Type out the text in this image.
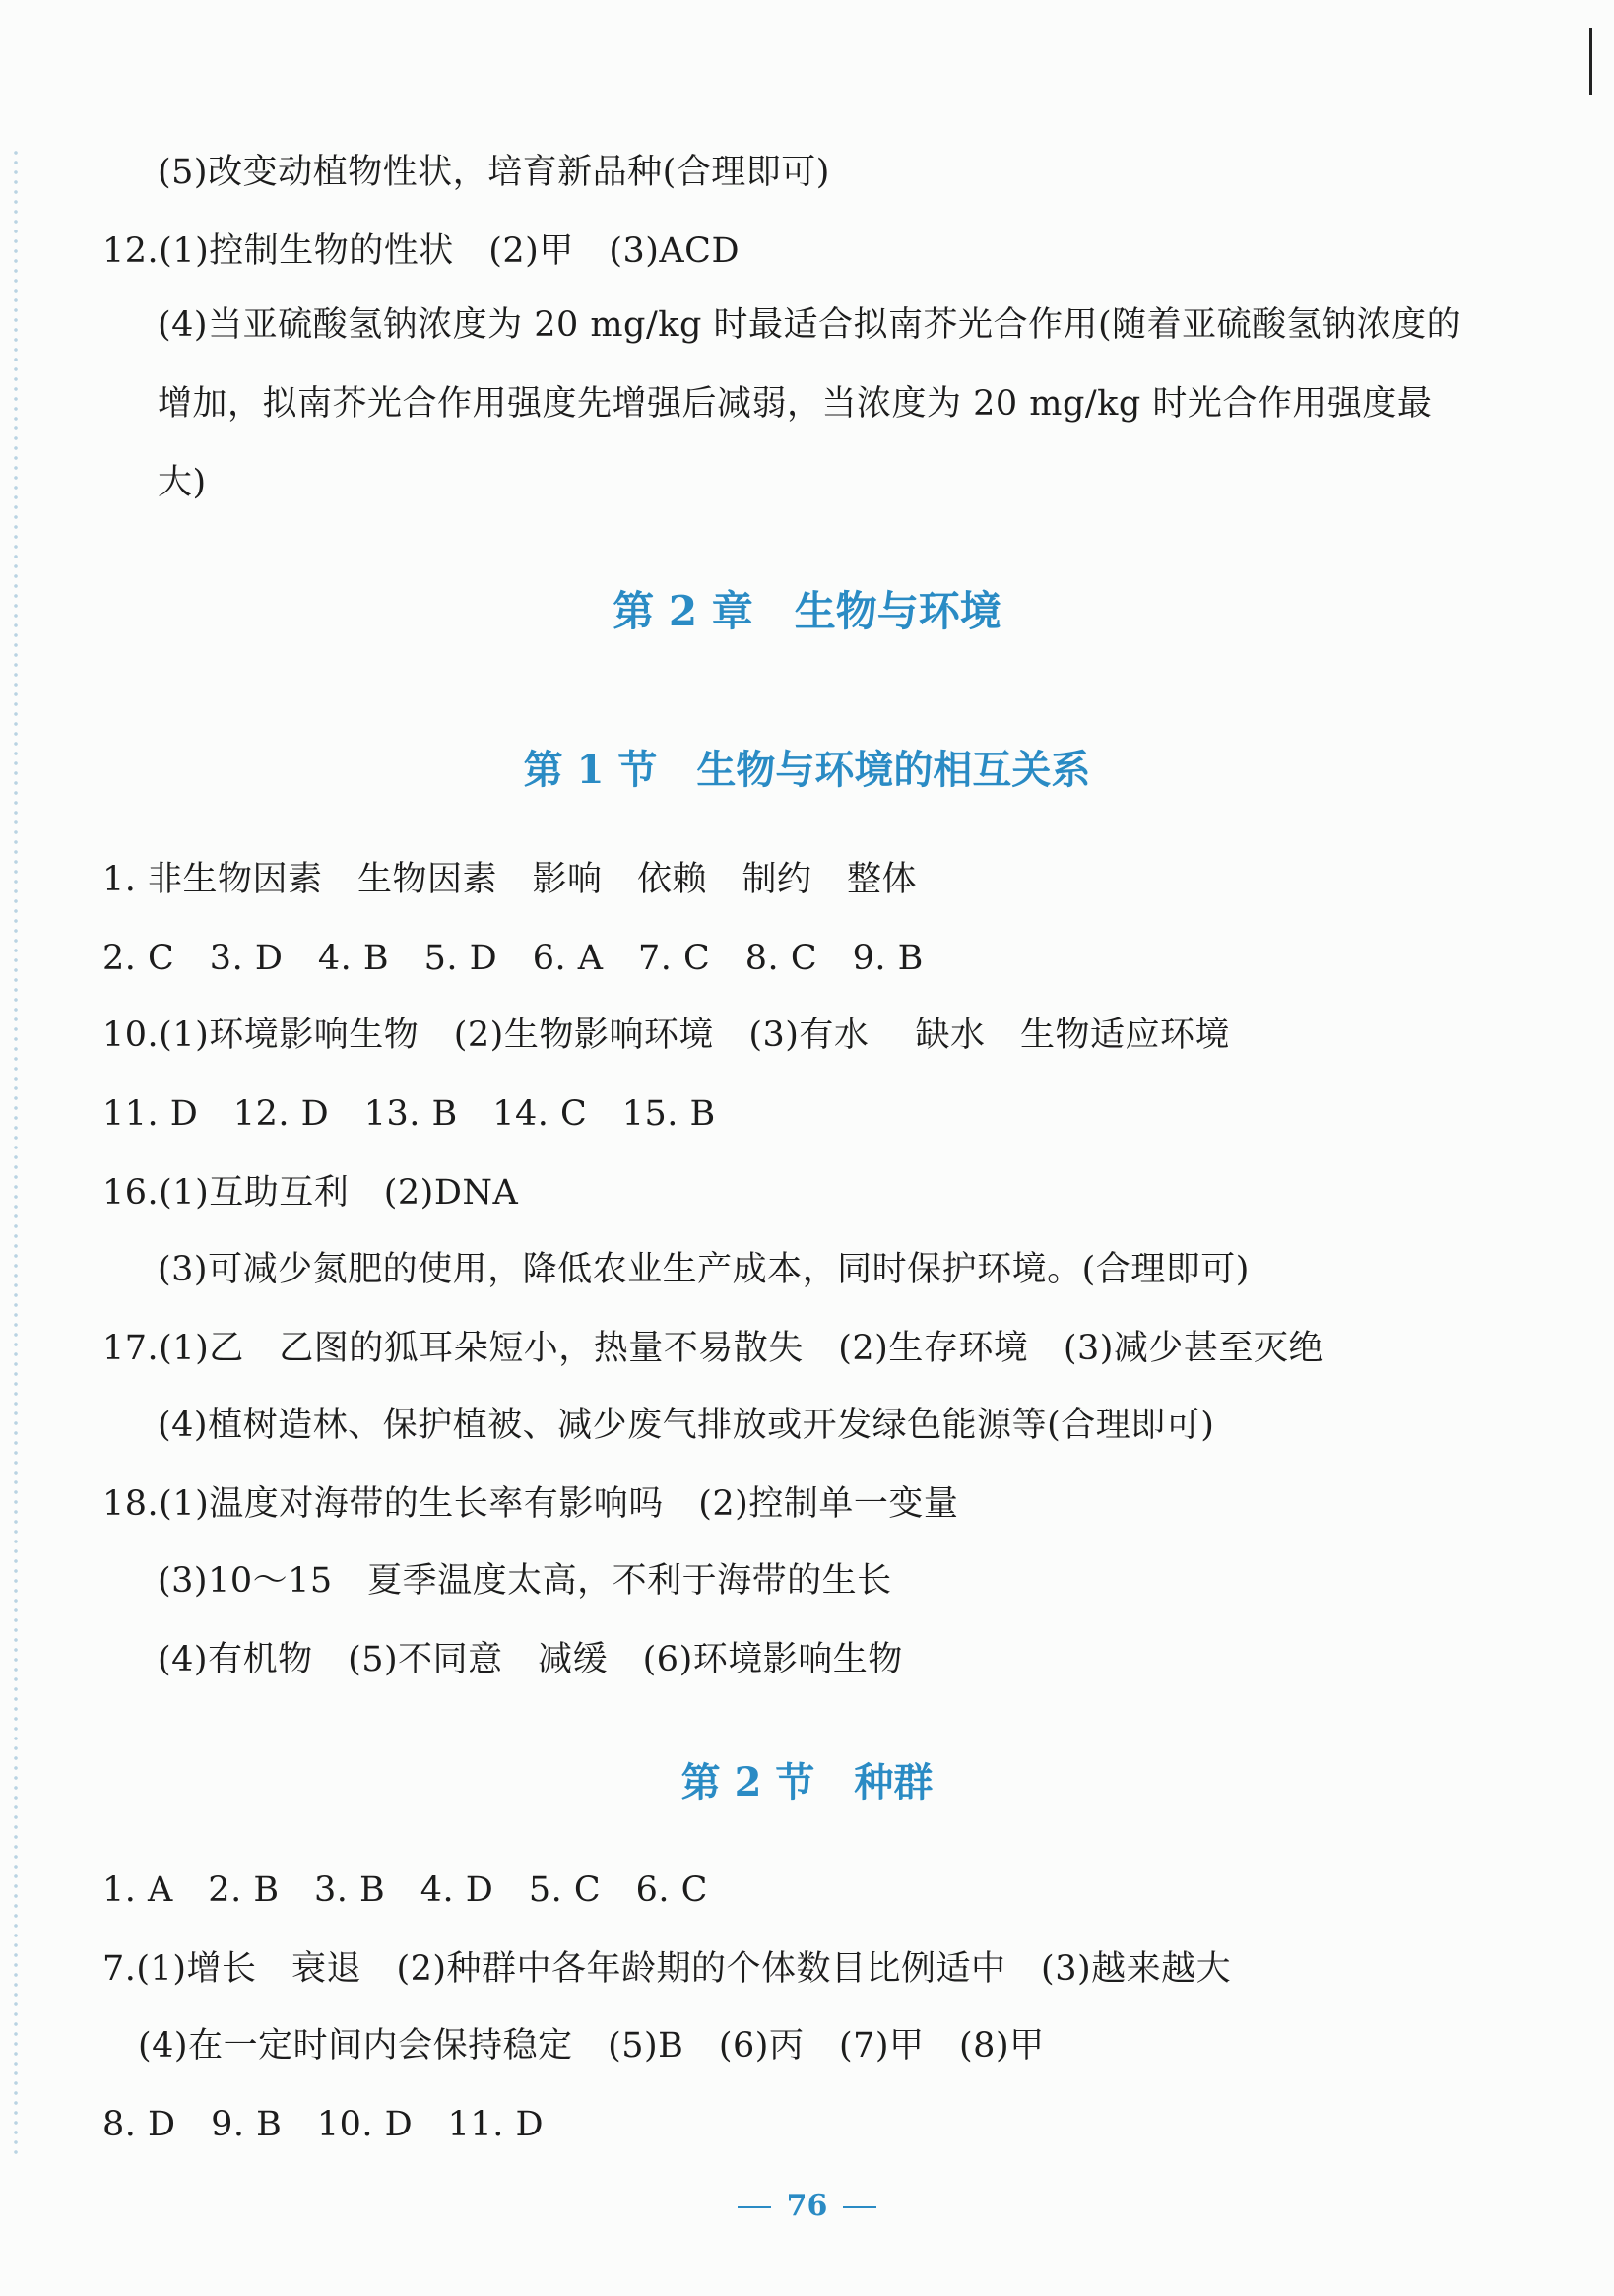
(5)改变动植物性状，培育新品种(合理即可)
12.(1)控制生物的性状　(2)甲　(3)ACD
(4)当亚硫酸氢钠浓度为 20 mg/kg 时最适合拟南芥光合作用(随着亚硫酸氢钠浓度的增加，拟南芥光合作用强度先增强后减弱，当浓度为 20 mg/kg 时光合作用强度最大)
第 2 章　生物与环境
第 1 节　生物与环境的相互关系
1. 非生物因素　生物因素　影响　依赖　制约　整体
2. C　3. D　4. B　5. D　6. A　7. C　8. C　9. B
10.(1)环境影响生物　(2)生物影响环境　(3)有水　 缺水　生物适应环境
11. D　12. D　13. B　14. C　15. B
16.(1)互助互利　(2)DNA
(3)可减少氮肥的使用，降低农业生产成本，同时保护环境。(合理即可)
17.(1)乙　乙图的狐耳朵短小，热量不易散失　(2)生存环境　(3)减少甚至灭绝
(4)植树造林、保护植被、减少废气排放或开发绿色能源等(合理即可)
18.(1)温度对海带的生长率有影响吗　(2)控制单一变量
(3)10～15　夏季温度太高，不利于海带的生长
(4)有机物　(5)不同意　减缓　(6)环境影响生物
第 2 节　种群
1. A　2. B　3. B　4. D　5. C　6. C
7.(1)增长　衰退　(2)种群中各年龄期的个体数目比例适中　(3)越来越大
(4)在一定时间内会保持稳定　(5)B　(6)丙　(7)甲　(8)甲
8. D　9. B　10. D　11. D
76
